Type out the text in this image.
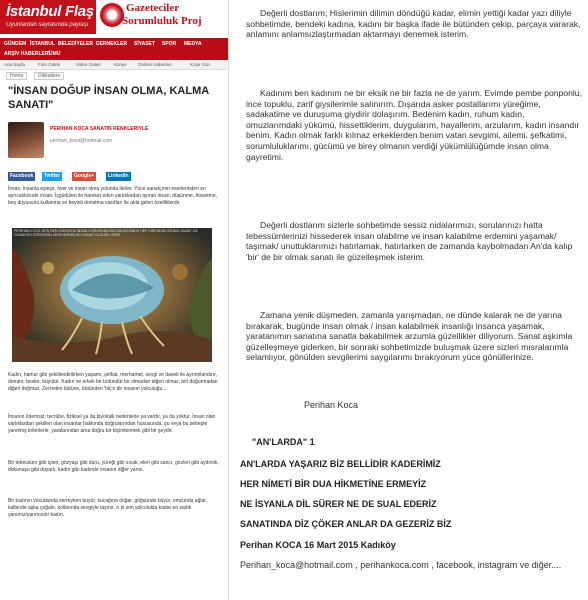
İstanbul Flaş
Oyunlardan sayfasında paylaşı
Gazeteciler
Sorumluluk Proj
GÜNDEM İSTANBUL BELEDİYELER DERNEKLER SİYASET SPOR MEDYA
ARŞİV HABERLERİ
TÜMÜ
Ana Sayfa	Foto Galeri	Video Galeri	Künye Gelinin Haberleri	Köşe Yazı
Home	Dikkatlere
"İNSAN DOĞUP İNSAN OLMA, KALMA SANATI"
PERİHAN KOCA SANATIN RENKLERİYLE
perihan_koca@hotmail.com
Facebook	Twitter	Google+	LinkedIn
İnsan, insanla eşleşir, över ve insan olma yolunda ilerler. Yüce sanatçının eserlerinden en ayrıcalıklısıdır insan. İçgüdüleri ile hareket eden varlıklardan ayıran insan, düşünme, hissetme, beş duyusunu kullanma ve beyinli donatma vasıfları ile akla gelen özelliklerdir.
PERİHAN KOCA 'DEN BEN DÜNYA'DA İNSAN DOĞURABİLDİM BAHÇESİNDE HEP DİRENDİM ÖZÜMÜ SANAT İLE ÖZÜMDEN ÖĞRENDİM DİRENMENİN ADI SANAT OLDUĞU YERE

Kadın, hamur gibi şekillendirilirken yaşamı, şefkat, merhamet, sevgi ve daveti ile ayrıntılandırır, donatır, besler, büyütür. Kadın ve erkek bir bütündür bir olmadan diğeri olmaz, biri doğurmadan diğeri doğmaz. Zerreden bütüne, bütünden 'hiç'e dir insanın yolculuğu...

İnsanın önemsiz; tecrübe, fiziksel ya da biyolojik nedenlerle ya vardır, ya da yoktur. İnsan olan varlıklardan şekilleri olan insanlar hakkında doğrularından hususunda, şu veya bu sebeple yanılmış kriterlerle, yaralarından ama doğru bir biçimlenmek gibi bir şeydir.

Bir tebessüm gibi içten, gözyaşı gibi duru, yüreği gibi sıcak, eleri gibi sancı, gözleri gibi aydınlık, dokunuşu gibi duyarlı, kadın gibi kadındır insanın diğer yarısı.

Bir kadının vücudunda zerreyken büyür, kucağına doğar, göğsünde büyür, omzunda ağlar, kalbinde aşka çoğalır, kollarında sevgiyle taşınır, o ki son yolculukta kadar en sadık yanımız/yarımızdır kadın.

Değerli dostlarım; Hislerimin dilimin döndüğü kadar, elimin yettiği kadar yazı diliyle sohbetimde, bendeki kadına, kadını bir başka ifade ile bütünden çekip, parçaya vararak, anlamını anlamsızlaştırmadan aktarmayı denemek isterim.

Kadınım ben kadınım ne bir eksik ne bir fazla ne de yarım. Evimde pembe ponponlu, ince topuklu, zarif giysilerimle salınırım. Dışarıda asker postallarımı yüreğime, sadakatime ve duruşuma giydirir dolaşırım. Bedenim kadın, ruhum kadın, omuzlarımdaki yükümü, hissettiklerim, duygularım, hayallerim, arzularım, kadın insandır benim. Kadın olmak farklı kılmaz erkeklerden benim vatan sevgimi, ailemi, şefkatimi, sorumluluklarımı, gücümü ve birey olmanın verdiği yükümlülüğümde insan olma gayretimi.

Değerli dostlarım sizlerle sohbetimde sessiz nidalarımızı, sorularınızı hatta tebessümlerinizi hissederek insan olabilme ve insan kalabilme erdemini yaşamak/ taşımak/ unuttuklarımızı hatırlamak, hatırlarken de zamanda kaybolmadan An'da kalıp 'bir' de bir olmak sanatı ile güzelleşmek isterim.

Zamana yenik düşmeden, zamanla yarışmadan, ne dünde kalarak ne de yarına bırakarak, bugünde insan olmak / insan kalabilmek insanlığı insanca yaşamak, yaratanımın sanatına sanatla bakabilmek arzumla güzellikler diliyorum. Sanat aşkımla güzelleşmeye giderken, bir sonraki sohbetimizde buluşmak üzere sizleri mısralarımla selamlıyor, gönülden sevgilerimi saygılarımı bırakıyorum yüce gönüllerinize.

Perihan Koca
"AN'LARDA" 1
AN'LARDA YAŞARIZ BİZ BELLİDİR KADERİMİZ
HER NİMETİ BİR DUA HİKMETİNE ERMEYİZ
NE İSYANLA DİL SÜRER NE DE SUAL EDERİZ
SANATINDA DİZ ÇÖKER ANLAR DA GEZERİZ BİZ
Perihan KOCA 16 Mart 2015 Kadıköy
Perihan_koca@hotmail.com , perihankoca.com , facebook, instagram ve diğer....
